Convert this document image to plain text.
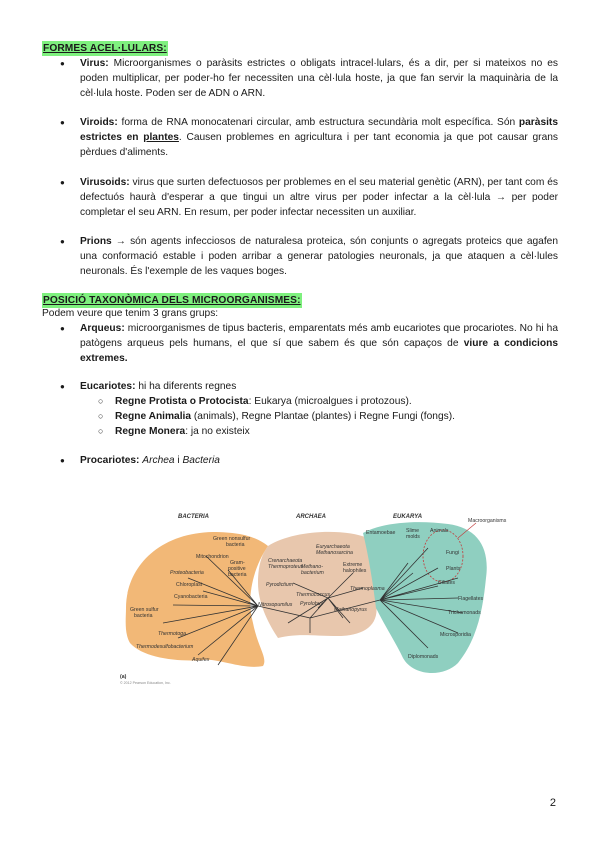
FORMES ACEL·LULARS:
● Virus: Microorganismes o paràsits estrictes o obligats intracel·lulars, és a dir, per si mateixos no es poden multiplicar, per poder-ho fer necessiten una cèl·lula hoste, ja que fan servir la maquinària de la cèl·lula hoste. Poden ser de ADN o ARN.
● Viroids: forma de RNA monocatenari circular, amb estructura secundària molt específica. Són paràsits estrictes en plantes. Causen problemes en agricultura i per tant economia ja que pot causar grans pèrdues d'aliments.
● Virusoids: virus que surten defectuosos per problemes en el seu material genètic (ARN), per tant com és defectuós haurà d'esperar a que tingui un altre virus per poder infectar a la cèl·lula → per poder completar el seu ARN. En resum, per poder infectar necessiten un auxiliar.
● Prions → són agents infecciosos de naturalesa proteica, són conjunts o agregats proteics que agafen una conformació estable i poden arribar a generar patologies neuronals, ja que ataquen a cèl·lules neuronals. És l'exemple de les vaques boges.
POSICIÓ TAXONÒMICA DELS MICROORGANISMES:
Podem veure que tenim 3 grans grups:
● Arqueus: microorganismes de tipus bacteris, emparentats més amb eucariotes que procariotes. No hi ha patògens arqueus pels humans, el que sí que sabem és que són capaços de viure a condicions extremes.
● Eucariotes: hi ha diferents regnes
○ Regne Protista o Protocista: Eukarya (microalgues i protozous).
○ Regne Animalia (animals), Regne Plantae (plantes) i Regne Fungi (fongs).
○ Regne Monera: ja no existeix
● Procariotes: Archea i Bacteria
BACTERIA	ARCHAEA	EUKARYA
Green nonsulfur
bacteria
Mitochondrion
Gram-
positive
bacteria
Proteobacteria
Chloroplast
Cyanobacteria
Green sulfur
bacteria
Thermotoga
Thermodesulfobacterium
Aquifex
Euryarchaeota
Methanosarcina
Crenarchaeota
Thermoproteus
Methano-
bacterium
Extreme
halophiles
Pyrodictium
Thermococcus
Thermoplasma
Nitrosopumilus Pyrolobus
Methanopyrus
Entamoebae Slime
molds
Animals
Fungi
Plants
Ciliates
Flagellates
Trichomonads
Microsporidia
Diplomonads
Macroorganisms
(a)
© 2012 Pearson Education, Inc.
2
